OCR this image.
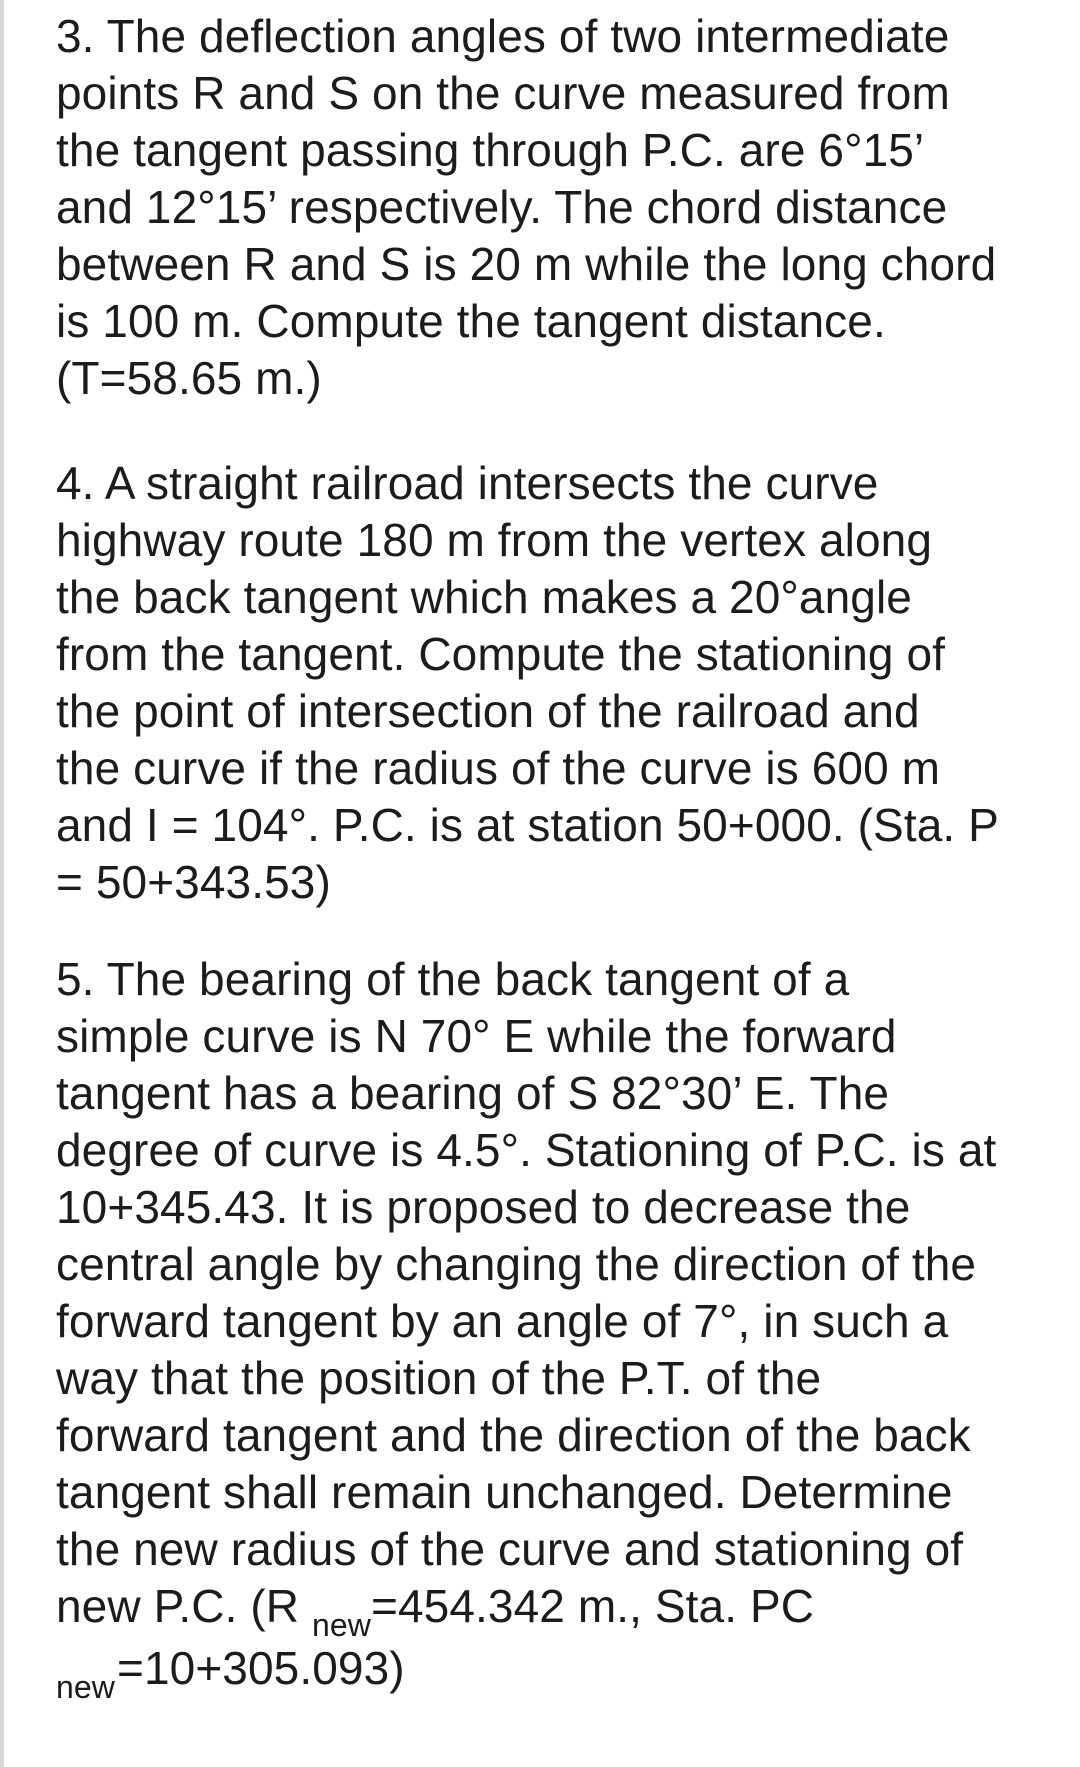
3. The deflection angles of two intermediate
points R and S on the curve measured from
the tangent passing through P.C. are 6°15’
and 12°15’ respectively. The chord distance
between R and S is 20 m while the long chord
is 100 m. Compute the tangent distance.
(T=58.65 m.)

4. A straight railroad intersects the curve
highway route 180 m from the vertex along
the back tangent which makes a 20°angle
from the tangent. Compute the stationing of
the point of intersection of the railroad and
the curve if the radius of the curve is 600 m
and I = 104°. P.C. is at station 50+000. (Sta. P
= 50+343.53)

5. The bearing of the back tangent of a
simple curve is N 70° E while the forward
tangent has a bearing of S 82°30’ E. The
degree of curve is 4.5°. Stationing of P.C. is at
10+345.43. It is proposed to decrease the
central angle by changing the direction of the
forward tangent by an angle of 7°, in such a
way that the position of the P.T. of the
forward tangent and the direction of the back
tangent shall remain unchanged. Determine
the new radius of the curve and stationing of
new P.C. (R $_{new}$=454.342 m., Sta. PC
$_{new}$=10+305.093)
